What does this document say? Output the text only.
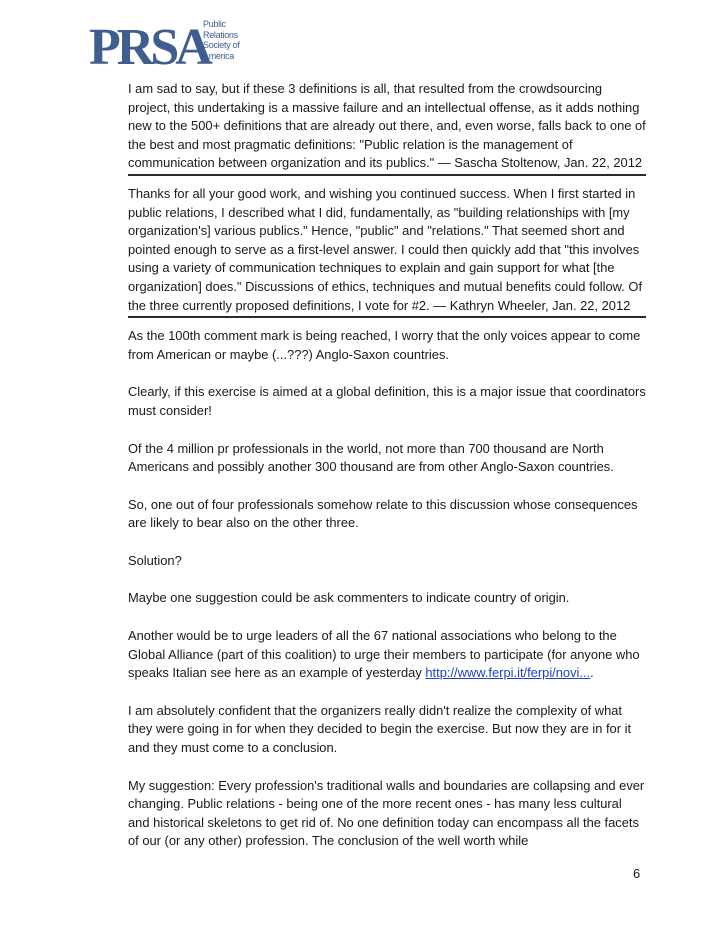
PRSA
Public
Relations
Society of
America

I am sad to say, but if these 3 definitions is all, that resulted from the crowdsourcing project, this undertaking is a massive failure and an intellectual offense, as it adds nothing new to the 500+ definitions that are already out there, and, even worse, falls back to one of the best and most pragmatic definitions: "Public relation is the management of communication between organization and its publics." — Sascha Stoltenow, Jan. 22, 2012

Thanks for all your good work, and wishing you continued success. When I first started in public relations, I described what I did, fundamentally, as "building relationships with [my organization's] various publics." Hence, "public" and "relations." That seemed short and pointed enough to serve as a first-level answer. I could then quickly add that "this involves using a variety of communication techniques to explain and gain support for what [the organization] does." Discussions of ethics, techniques and mutual benefits could follow. Of the three currently proposed definitions, I vote for #2. — Kathryn Wheeler, Jan. 22, 2012

As the 100th comment mark is being reached, I worry that the only voices appear to come from American or maybe (...???) Anglo-Saxon countries.

Clearly, if this exercise is aimed at a global definition, this is a major issue that coordinators must consider!

Of the 4 million pr professionals in the world, not more than 700 thousand are North Americans and possibly another 300 thousand are from other Anglo-Saxon countries.

So, one out of four professionals somehow relate to this discussion whose consequences are likely to bear also on the other three.

Solution?

Maybe one suggestion could be ask commenters to indicate country of origin.

Another would be to urge leaders of all the 67 national associations who belong to the Global Alliance (part of this coalition) to urge their members to participate (for anyone who speaks Italian see here as an example of yesterday http://www.ferpi.it/ferpi/novi....

I am absolutely confident that the organizers really didn't realize the complexity of what they were going in for when they decided to begin the exercise. But now they are in for it and they must come to a conclusion.

My suggestion: Every profession's traditional walls and boundaries are collapsing and ever changing. Public relations - being one of the more recent ones - has many less cultural and historical skeletons to get rid of. No one definition today can encompass all the facets of our (or any other) profession. The conclusion of the well worth while

6
